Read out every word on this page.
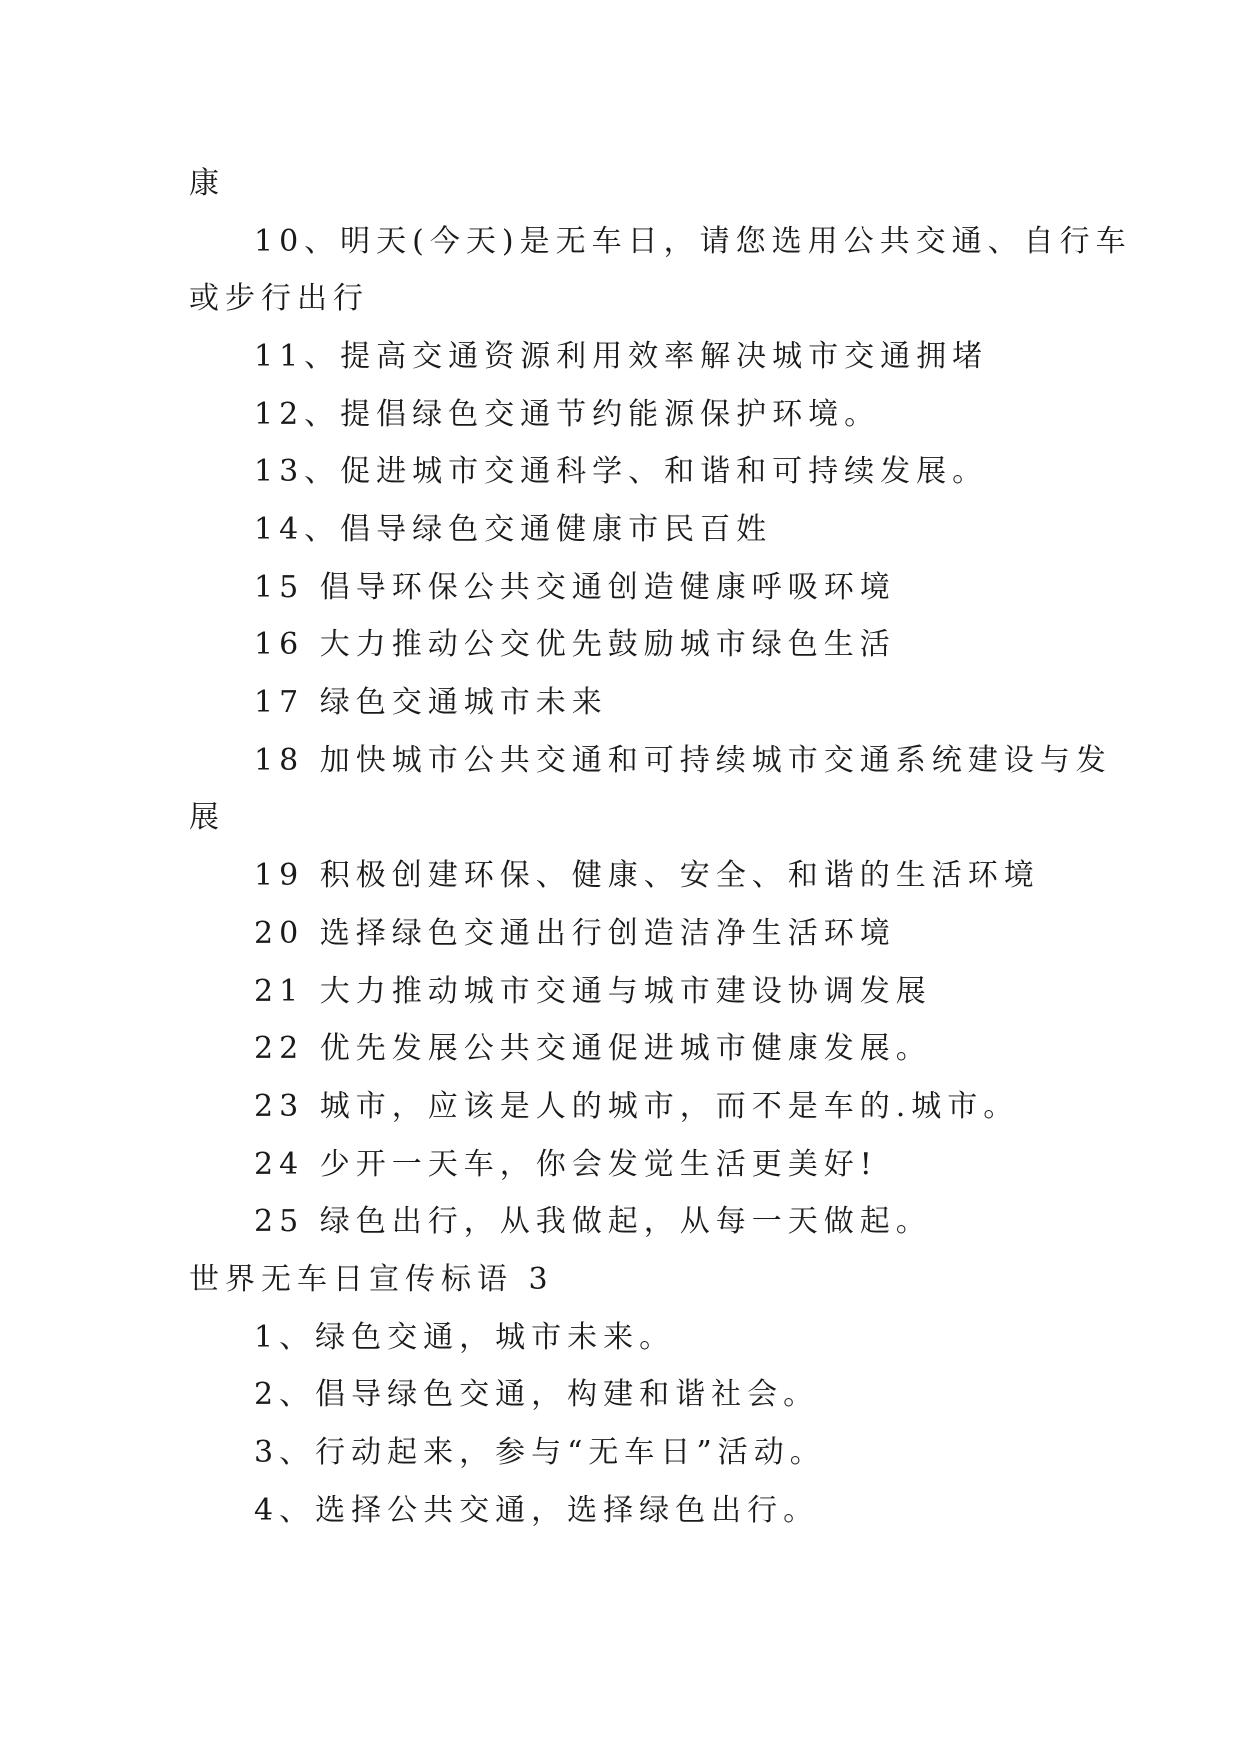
康
10、明天(今天)是无车日，请您选用公共交通、自行车
或步行出行
11、提高交通资源利用效率解决城市交通拥堵
12、提倡绿色交通节约能源保护环境。
13、促进城市交通科学、和谐和可持续发展。
14、倡导绿色交通健康市民百姓
15 倡导环保公共交通创造健康呼吸环境
16 大力推动公交优先鼓励城市绿色生活
17 绿色交通城市未来
18 加快城市公共交通和可持续城市交通系统建设与发
展
19 积极创建环保、健康、安全、和谐的生活环境
20 选择绿色交通出行创造洁净生活环境
21 大力推动城市交通与城市建设协调发展
22 优先发展公共交通促进城市健康发展。
23 城市，应该是人的城市，而不是车的.城市。
24 少开一天车，你会发觉生活更美好!
25 绿色出行，从我做起，从每一天做起。
世界无车日宣传标语 3
1、绿色交通，城市未来。
2、倡导绿色交通，构建和谐社会。
3、行动起来，参与“无车日”活动。
4、选择公共交通，选择绿色出行。
